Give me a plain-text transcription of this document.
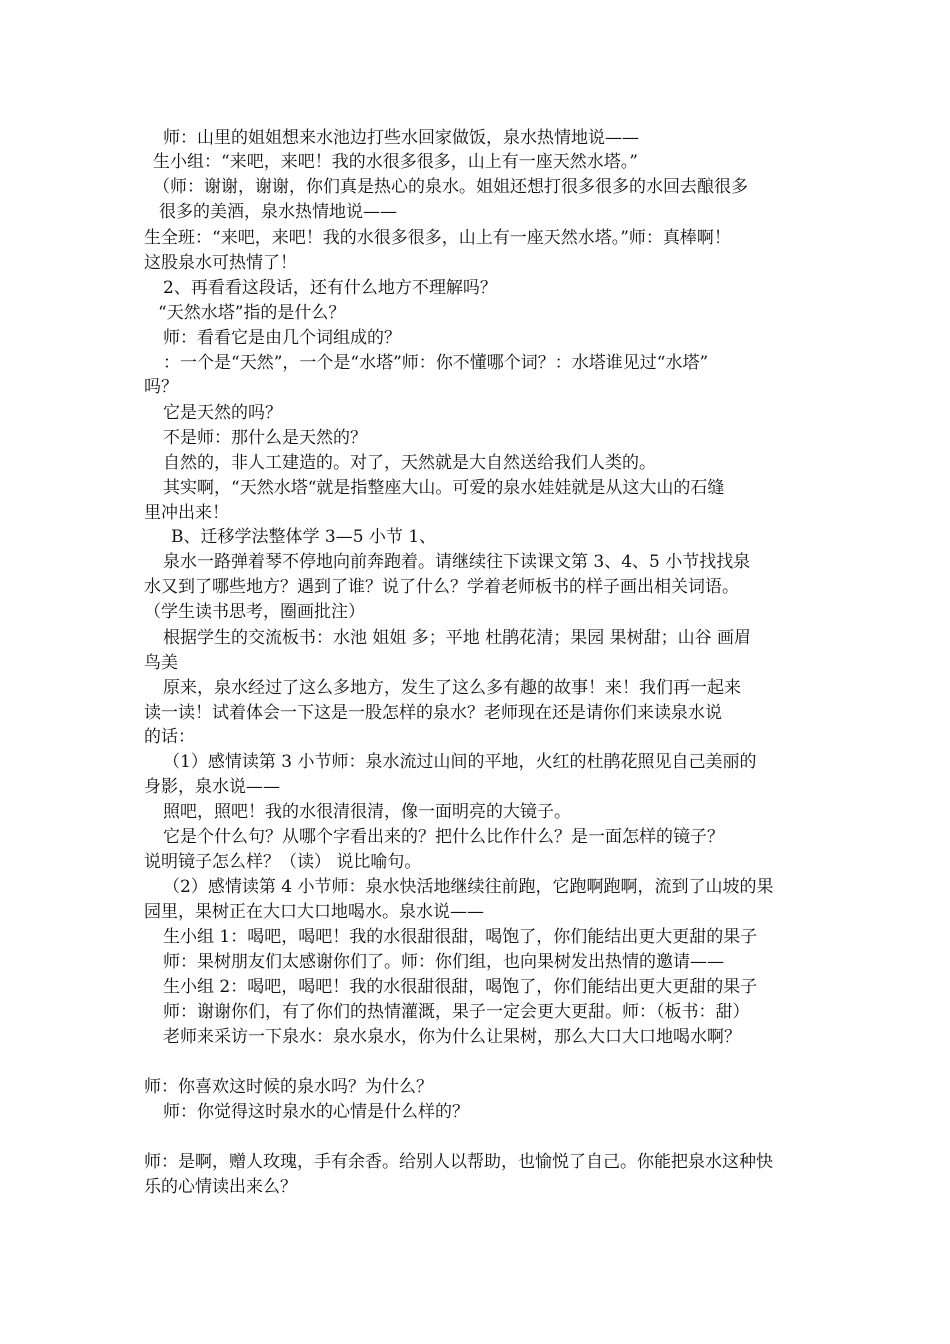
师：山里的姐姐想来水池边打些水回家做饭，泉水热情地说——

生小组：“来吧，来吧！我的水很多很多，山上有一座天然水塔。”

（师：谢谢，谢谢，你们真是热心的泉水。姐姐还想打很多很多的水回去酿很多

很多的美酒，泉水热情地说——

生全班：“来吧，来吧！我的水很多很多，山上有一座天然水塔。”师：真棒啊！

这股泉水可热情了！

2、再看看这段话，还有什么地方不理解吗？

“天然水塔”指的是什么？

师：看看它是由几个词组成的？

：一个是“天然”，一个是“水塔”师：你不懂哪个词？：水塔谁见过“水塔”

吗？

它是天然的吗？

不是师：那什么是天然的？

自然的，非人工建造的。对了，天然就是大自然送给我们人类的。

其实啊，“天然水塔“就是指整座大山。可爱的泉水娃娃就是从这大山的石缝

里冲出来！

B、迁移学法整体学 3—5 小节 1、

泉水一路弹着琴不停地向前奔跑着。请继续往下读课文第 3、4、5 小节找找泉

水又到了哪些地方？遇到了谁？说了什么？学着老师板书的样子画出相关词语。

（学生读书思考，圈画批注）

根据学生的交流板书：水池 姐姐 多；平地 杜鹃花清；果园 果树甜；山谷 画眉

鸟美

原来，泉水经过了这么多地方，发生了这么多有趣的故事！来！我们再一起来

读一读！试着体会一下这是一股怎样的泉水？老师现在还是请你们来读泉水说

的话：

（1）感情读第 3 小节师：泉水流过山间的平地，火红的杜鹃花照见自己美丽的

身影，泉水说——

照吧，照吧！我的水很清很清，像一面明亮的大镜子。

它是个什么句？从哪个字看出来的？把什么比作什么？是一面怎样的镜子？

说明镜子怎么样？（读） 说比喻句。

（2）感情读第 4 小节师：泉水快活地继续往前跑，它跑啊跑啊，流到了山坡的果

园里，果树正在大口大口地喝水。泉水说——

生小组 1：喝吧，喝吧！我的水很甜很甜，喝饱了，你们能结出更大更甜的果子

师：果树朋友们太感谢你们了。师：你们组，也向果树发出热情的邀请——

生小组 2：喝吧，喝吧！我的水很甜很甜，喝饱了，你们能结出更大更甜的果子

师：谢谢你们，有了你们的热情灌溉，果子一定会更大更甜。师：（板书：甜）

老师来采访一下泉水：泉水泉水，你为什么让果树，那么大口大口地喝水啊？

师：你喜欢这时候的泉水吗？为什么？

师：你觉得这时泉水的心情是什么样的？

师：是啊，赠人玫瑰，手有余香。给别人以帮助，也愉悦了自己。你能把泉水这种快

乐的心情读出来么？
